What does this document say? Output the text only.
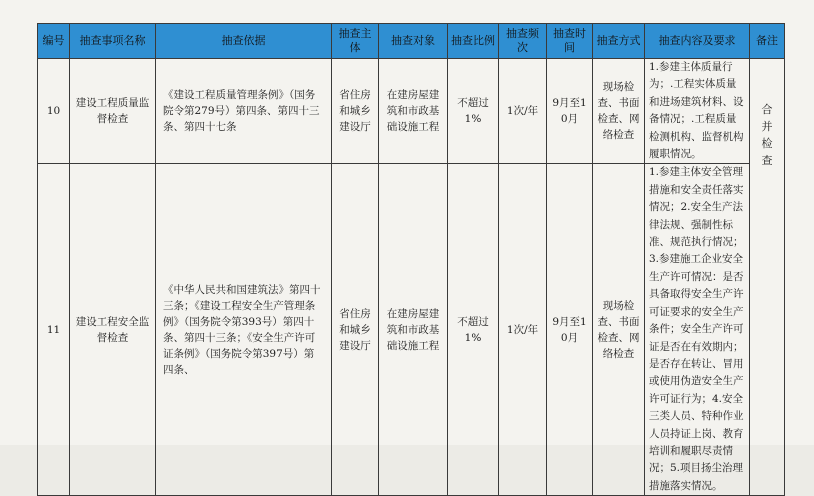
编号	抽查事项名称	抽查依据	抽查主体	抽查对象	抽查比例	抽查频次	抽查时间	抽查方式	抽查内容及要求	备注
10	建设工程质量监督检查	《建设工程质量管理条例》（国务院令第279号）第四条、第四十三条、第四十七条	省住房和城乡建设厅	在建房屋建筑和市政基础设施工程	不超过1%	1次/年	9月至10月	现场检查、书面检查、网络检查	1.参建主体质量行为；.工程实体质量和进场建筑材料、设备情况；.工程质量检测机构、监督机构履职情况。	合并检查

11	建设工程安全监督检查	《中华人民共和国建筑法》第四十三条；《建设工程安全生产管理条例》（国务院令第393号）第四十条、第四十三条；《安全生产许可证条例》（国务院令第397号）第四条、	省住房和城乡建设厅	在建房屋建筑和市政基础设施工程	不超过1%	1次/年	9月至10月	现场检查、书面检查、网络检查	1.参建主体安全管理措施和安全责任落实情况；2.安全生产法律法规、强制性标准、规范执行情况；3.参建施工企业安全生产许可情况：是否具备取得安全生产许可证要求的安全生产条件；安全生产许可证是否在有效期内；是否存在转让、冒用或使用伪造安全生产许可证行为；4.安全三类人员、特种作业人员持证上岗、教育培训和履职尽责情况；5.项目扬尘治理措施落实情况。	
